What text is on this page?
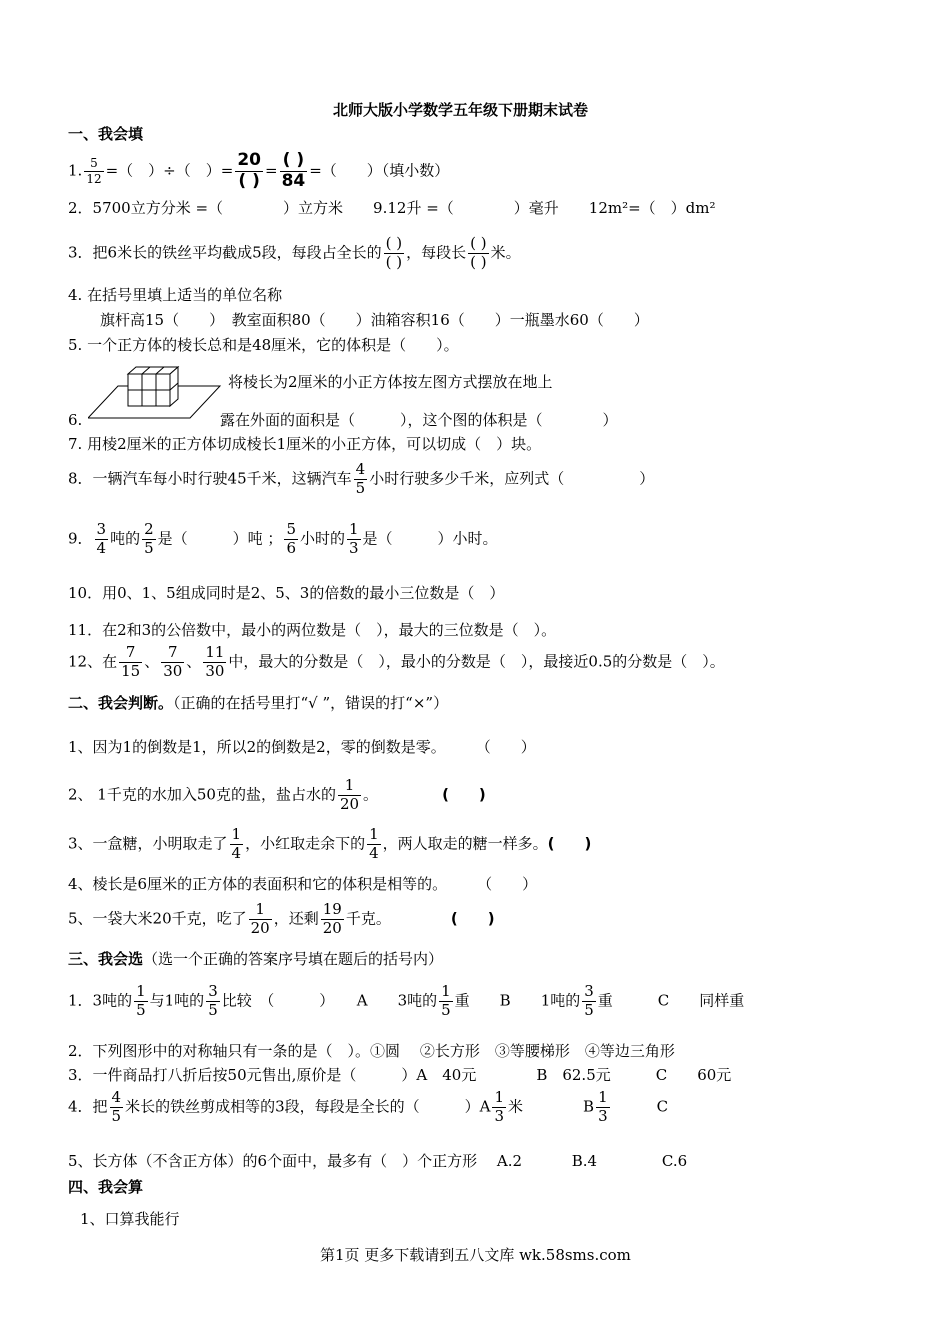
北师大版小学数学五年级下册期末试卷
一、我会填
1. $\frac{5}{12}$ =（　）÷（　）=
20
( )
=
( )
84
=（　　）（填小数）
2．5700立方分米 =（　　　　）立方米　　9.12升 =（　　　　）毫升　　12m²=（　）dm²
3．把6米长的铁丝平均截成5段，每段占全长的
( )
( )
，每段长
( )
( )
米。
4. 在括号里填上适当的单位名称
旗杆高15（　　）　教室面积80（　　）油箱容积16（　　）一瓶墨水60（　　）
5. 一个正方体的棱长总和是48厘米，它的体积是（　　）。
将棱长为2厘米的小正方体按左图方式摆放在地上
6.	露在外面的面积是（　　　），这个图的体积是（　　　　）
7. 用棱2厘米的正方体切成棱长1厘米的小正方体，可以切成（　）块。
8．一辆汽车每小时行驶45千米，这辆汽车 $\frac{4}{5}$ 小时行驶多少千米，应列式（　　　　　）
9． $\frac{3}{4}$ 吨的 $\frac{2}{5}$ 是（　　　）吨 ； $\frac{5}{6}$ 小时的 $\frac{1}{3}$ 是（　　　）小时。
10．用0、1、5组成同时是2、5、3的倍数的最小三位数是（　）
11．在2和3的公倍数中，最小的两位数是（　），最大的三位数是（　）。
12、在 $\frac{7}{15}$ 、 $\frac{7}{30}$ 、 $\frac{11}{30}$ 中，最大的分数是（　），最小的分数是（　），最接近0.5的分数是（　）。
二、我会判断。（正确的在括号里打“√ ”，错误的打“×”）
1、因为1的倒数是1，所以2的倒数是2，零的倒数是零。　　　（　　）
2、 1千克的水加入50克的盐，盐占水的 $\frac{1}{20}$ 。	(　　)
3、一盒糖，小明取走了 $\frac{1}{4}$ ，小红取走余下的 $\frac{1}{4}$ ，两人取走的糖一样多。(　　)
4、棱长是6厘米的正方体的表面积和它的体积是相等的。　　　（　　）
5、一袋大米20千克，吃了 $\frac{1}{20}$ ，还剩 $\frac{19}{20}$ 千克。	(　　)
三、我会选（选一个正确的答案序号填在题后的括号内）
1．3吨的 $\frac{1}{5}$ 与1吨的 $\frac{3}{5}$ 比较　（　　　）　　A　　3吨的 $\frac{1}{5}$ 重　　B　　1吨的 $\frac{3}{5}$ 重　　　C　　同样重
2．下列图形中的对称轴只有一条的是（　）。①圆　 ②长方形　③等腰梯形　④等边三角形
3．一件商品打八折后按50元售出,原价是（　　　）A　40元　　　　B　62.5元　　　C　　60元
4．把 $\frac{4}{5}$ 米长的铁丝剪成相等的3段，每段是全长的（　　　）$A \frac{1}{3}$ 米　　　　B $\frac{1}{3}$ 　　　C
5、长方体（不含正方体）的6个面中，最多有（　）个正方形　 A.2　　　 B.4　　　　 C.6
四、我会算
1、口算我能行
第1页 更多下载请到五八文库 wk.58sms.com
